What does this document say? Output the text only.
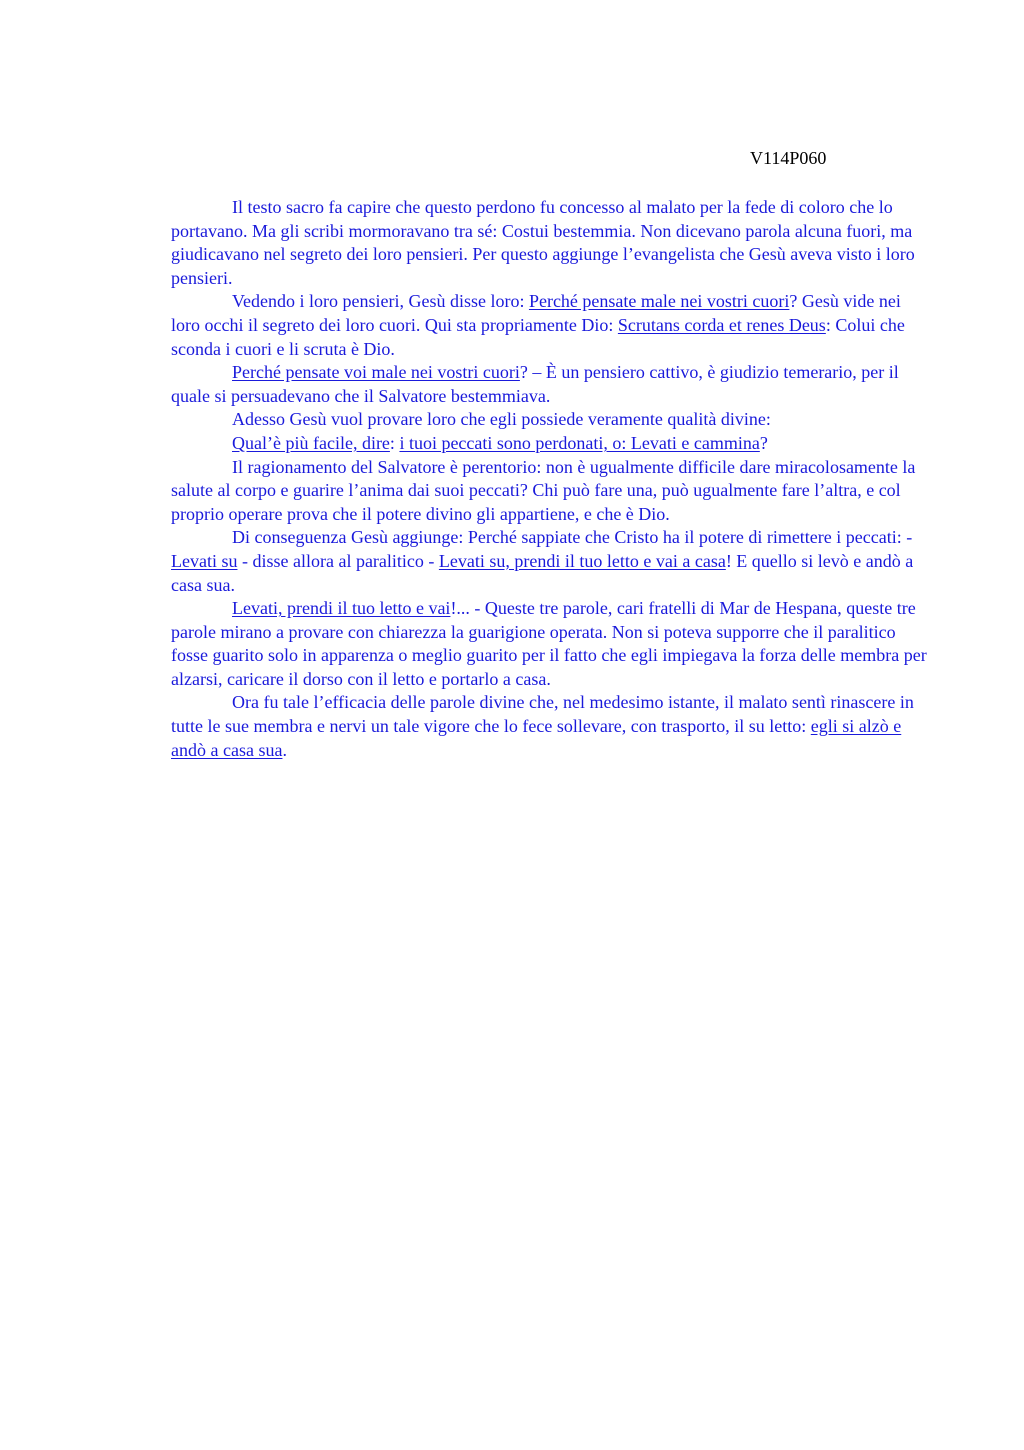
V114P060

Il testo sacro fa capire che questo perdono fu concesso al malato per la fede di coloro che lo portavano. Ma gli scribi mormoravano tra sé: Costui bestemmia. Non dicevano parola alcuna fuori, ma giudicavano nel segreto dei loro pensieri. Per questo aggiunge l’evangelista che Gesù aveva visto i loro pensieri.

Vedendo i loro pensieri, Gesù disse loro: Perché pensate male nei vostri cuori? Gesù vide nei loro occhi il segreto dei loro cuori. Qui sta propriamente Dio: Scrutans corda et renes Deus: Colui che sconda i cuori e li scruta è Dio.

Perché pensate voi male nei vostri cuori? – È un pensiero cattivo, è giudizio temerario, per il quale si persuadevano che il Salvatore bestemmiava.

Adesso Gesù vuol provare loro che egli possiede veramente qualità divine:

Qual’è più facile, dire: i tuoi peccati sono perdonati, o: Levati e cammina?

Il ragionamento del Salvatore è perentorio: non è ugualmente difficile dare miracolosamente la salute al corpo e guarire l’anima dai suoi peccati? Chi può fare una, può ugualmente fare l’altra, e col proprio operare prova che il potere divino gli appartiene, e che è Dio.

Di conseguenza Gesù aggiunge: Perché sappiate che Cristo ha il potere di rimettere i peccati: - Levati su - disse allora al paralitico - Levati su, prendi il tuo letto e vai a casa! E quello si levò e andò a casa sua.

Levati, prendi il tuo letto e vai!... - Queste tre parole, cari fratelli di Mar de Hespana, queste tre parole mirano a provare con chiarezza la guarigione operata. Non si poteva supporre che il paralitico fosse guarito solo in apparenza o meglio guarito per il fatto che egli impiegava la forza delle membra per alzarsi, caricare il dorso con il letto e portarlo a casa.

Ora fu tale l’efficacia delle parole divine che, nel medesimo istante, il malato sentì rinascere in tutte le sue membra e nervi un tale vigore che lo fece sollevare, con trasporto, il su letto: egli si alzò e andò a casa sua.
